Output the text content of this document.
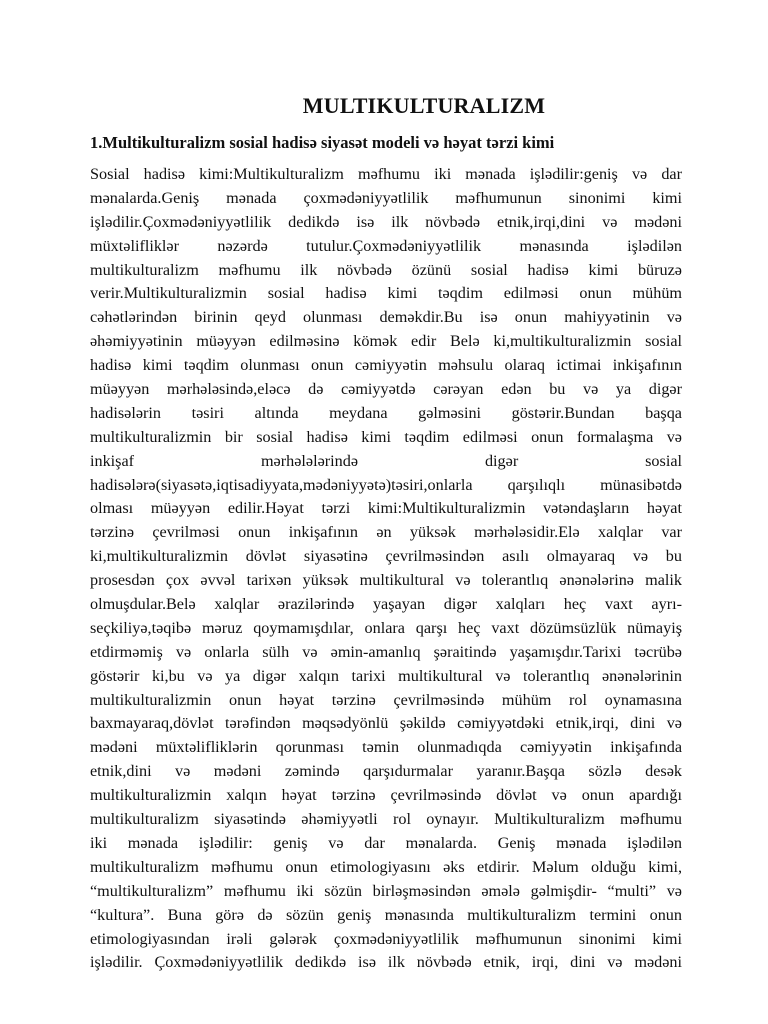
MULTIKULTURALIZM
1.Multikulturalizm sosial hadisə siyasət modeli və həyat tərzi kimi
Sosial hadisə kimi:Multikulturalizm məfhumu iki mənada işlədilir:geniş və dar
mənalarda.Geniş mənada çoxmədəniyyətlilik məfhumunun sinonimi kimi
işlədilir.Çoxmədəniyyətlilik dedikdə isə ilk növbədə etnik,irqi,dini və mədəni
müxtəlifliklər nəzərdə tutulur.Çoxmədəniyyətlilik mənasında işlədilən
multikulturalizm məfhumu ilk növbədə özünü sosial hadisə kimi büruzə
verir.Multikulturalizmin sosial hadisə kimi təqdim edilməsi onun mühüm
cəhətlərindən birinin qeyd olunması deməkdir.Bu isə onun mahiyyətinin və
əhəmiyyətinin müəyyən edilməsinə kömək edir Belə ki,multikulturalizmin sosial
hadisə kimi təqdim olunması onun cəmiyyətin məhsulu olaraq ictimai inkişafının
müəyyən mərhələsində,eləcə də cəmiyyətdə cərəyan edən bu və ya digər
hadisələrin təsiri altında meydana gəlməsini göstərir.Bundan başqa
multikulturalizmin bir sosial hadisə kimi təqdim edilməsi onun formalaşma və
inkişaf mərhələlərində digər sosial
hadisələrə(siyasətə,iqtisadiyyata,mədəniyyətə)təsiri,onlarla qarşılıqlı münasibətdə
olması müəyyən edilir.Həyat tərzi kimi:Multikulturalizmin vətəndaşların həyat
tərzinə çevrilməsi onun inkişafının ən yüksək mərhələsidir.Elə xalqlar var
ki,multikulturalizmin dövlət siyasətinə çevrilməsindən asılı olmayaraq və bu
prosesdən çox əvvəl tarixən yüksək multikultural və tolerantlıq ənənələrinə malik
olmuşdular.Belə xalqlar ərazilərində yaşayan digər xalqları heç vaxt ayrı-
seçkiliyə,təqibə məruz qoymamışdılar, onlara qarşı heç vaxt dözümsüzlük nümayiş
etdirməmiş və onlarla sülh və əmin-amanlıq şəraitində yaşamışdır.Tarixi təcrübə
göstərir ki,bu və ya digər xalqın tarixi multikultural və tolerantlıq ənənələrinin
multikulturalizmin onun həyat tərzinə çevrilməsində mühüm rol oynamasına
baxmayaraq,dövlət tərəfindən məqsədyönlü şəkildə cəmiyyətdəki etnik,irqi, dini və
mədəni müxtəlifliklərin qorunması təmin olunmadıqda cəmiyyətin inkişafında
etnik,dini və mədəni zəmində qarşıdurmalar yaranır.Başqa sözlə desək
multikulturalizmin xalqın həyat tərzinə çevrilməsində dövlət və onun apardığı
multikulturalizm siyasətində əhəmiyyətli rol oynayır. Multikulturalizm məfhumu
iki mənada işlədilir: geniş və dar mənalarda. Geniş mənada işlədilən
multikulturalizm məfhumu onun etimologiyasını əks etdirir. Məlum olduğu kimi,
“multikulturalizm” məfhumu iki sözün birləşməsindən əmələ gəlmişdir- “multi” və
“kultura”. Buna görə də sözün geniş mənasında multikulturalizm termini onun
etimologiyasından irəli gələrək çoxmədəniyyətlilik məfhumunun sinonimi kimi
işlədilir. Çoxmədəniyyətlilik dedikdə isə ilk növbədə etnik, irqi, dini və mədəni
